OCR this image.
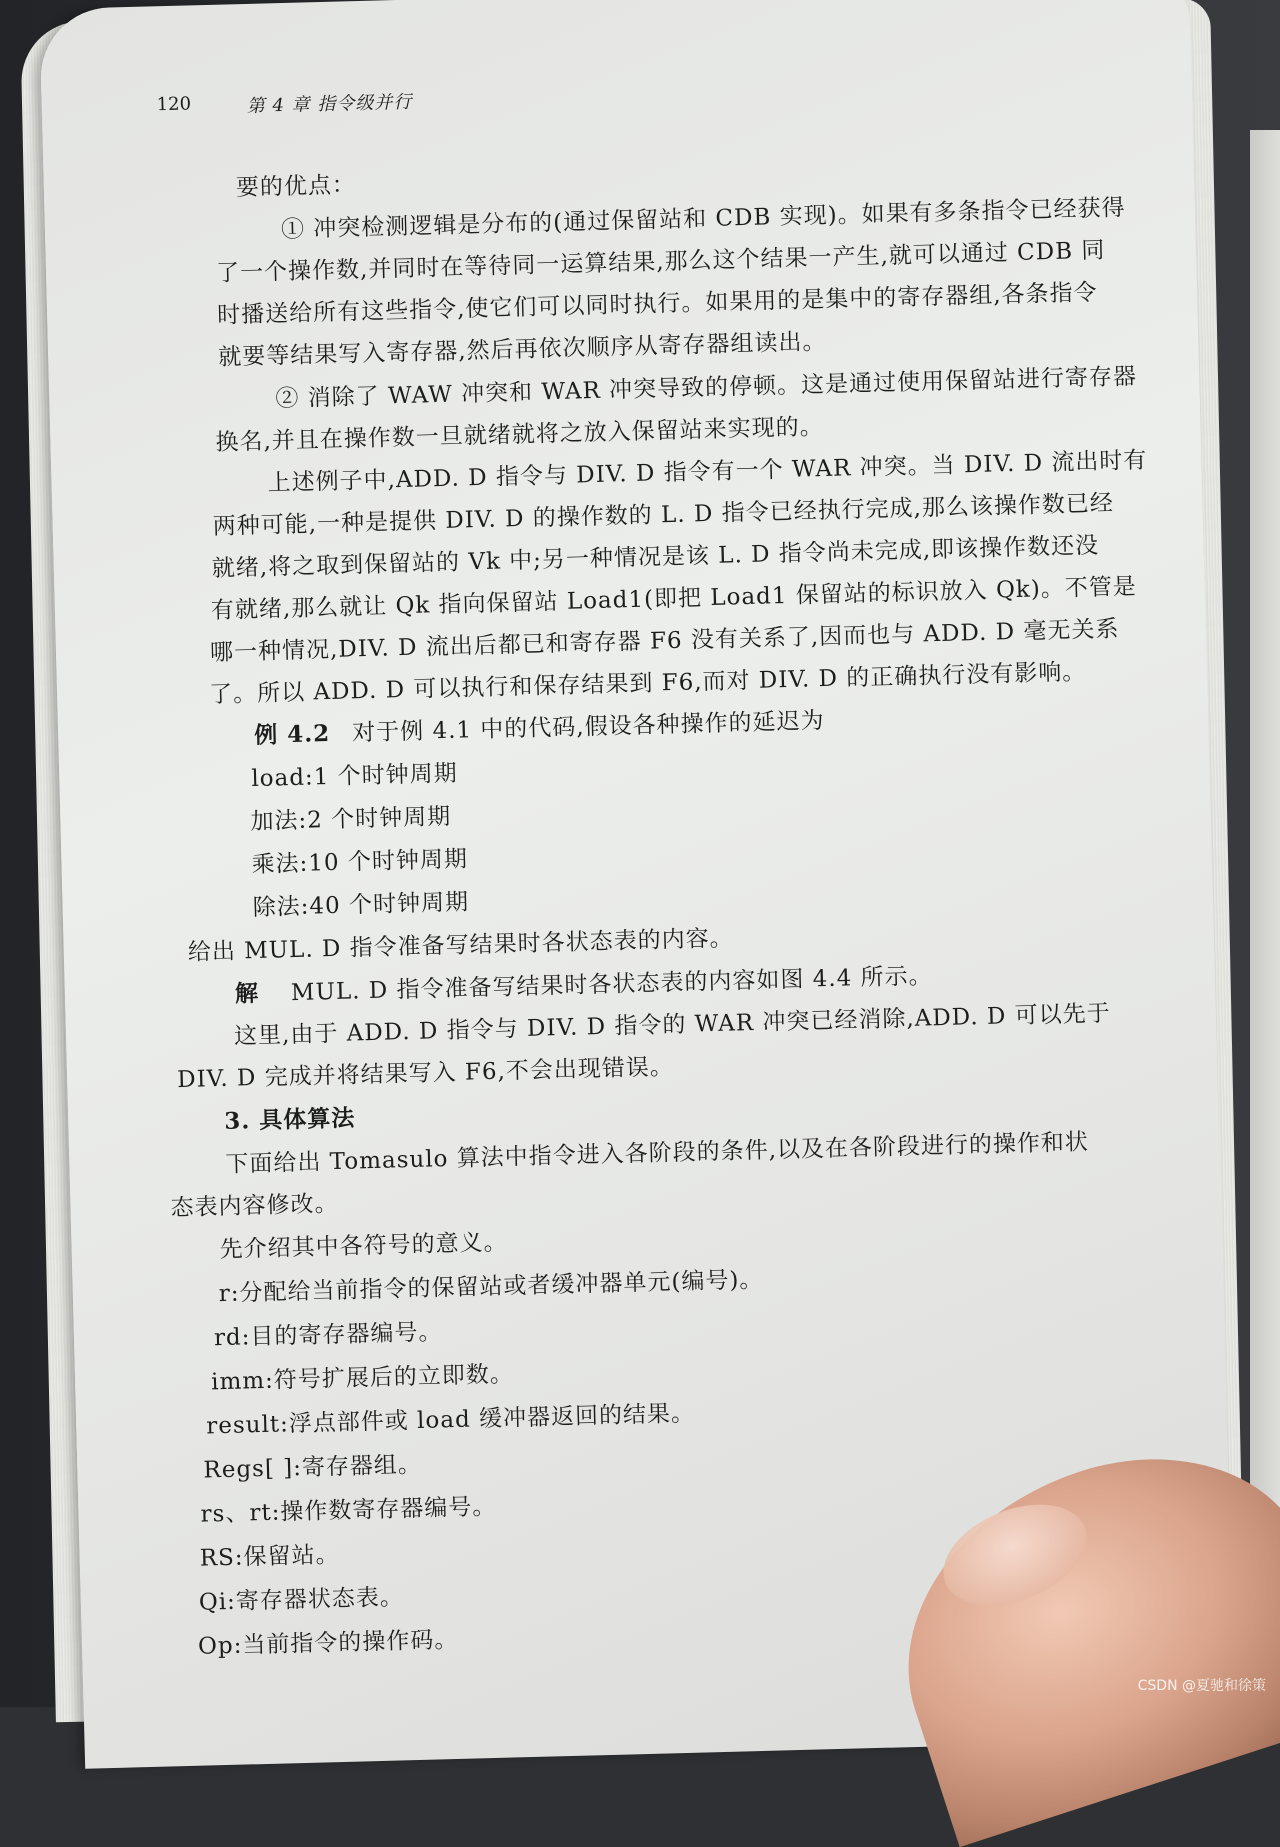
120	第 4 章 指令级并行
要的优点：
① 冲突检测逻辑是分布的(通过保留站和 CDB 实现)。如果有多条指令已经获得
了一个操作数,并同时在等待同一运算结果,那么这个结果一产生,就可以通过 CDB 同
时播送给所有这些指令,使它们可以同时执行。如果用的是集中的寄存器组,各条指令
就要等结果写入寄存器,然后再依次顺序从寄存器组读出。
② 消除了 WAW 冲突和 WAR 冲突导致的停顿。这是通过使用保留站进行寄存器
换名,并且在操作数一旦就绪就将之放入保留站来实现的。
上述例子中,ADD. D 指令与 DIV. D 指令有一个 WAR 冲突。当 DIV. D 流出时有
两种可能,一种是提供 DIV. D 的操作数的 L. D 指令已经执行完成,那么该操作数已经
就绪,将之取到保留站的 Vk 中;另一种情况是该 L. D 指令尚未完成,即该操作数还没
有就绪,那么就让 Qk 指向保留站 Load1(即把 Load1 保留站的标识放入 Qk)。不管是
哪一种情况,DIV. D 流出后都已和寄存器 F6 没有关系了,因而也与 ADD. D 毫无关系
了。所以 ADD. D 可以执行和保存结果到 F6,而对 DIV. D 的正确执行没有影响。
例 4.2 对于例 4.1 中的代码,假设各种操作的延迟为
load:1 个时钟周期
加法:2 个时钟周期
乘法:10 个时钟周期
除法:40 个时钟周期
给出 MUL. D 指令准备写结果时各状态表的内容。
解 MUL. D 指令准备写结果时各状态表的内容如图 4.4 所示。
这里,由于 ADD. D 指令与 DIV. D 指令的 WAR 冲突已经消除,ADD. D 可以先于
DIV. D 完成并将结果写入 F6,不会出现错误。
3. 具体算法
下面给出 Tomasulo 算法中指令进入各阶段的条件,以及在各阶段进行的操作和状
态表内容修改。
先介绍其中各符号的意义。
r:分配给当前指令的保留站或者缓冲器单元(编号)。
rd:目的寄存器编号。
imm:符号扩展后的立即数。
result:浮点部件或 load 缓冲器返回的结果。
Regs[ ]:寄存器组。
rs、rt:操作数寄存器编号。
RS:保留站。
Qi:寄存器状态表。
Op:当前指令的操作码。
CSDN @夏驰和徐策
